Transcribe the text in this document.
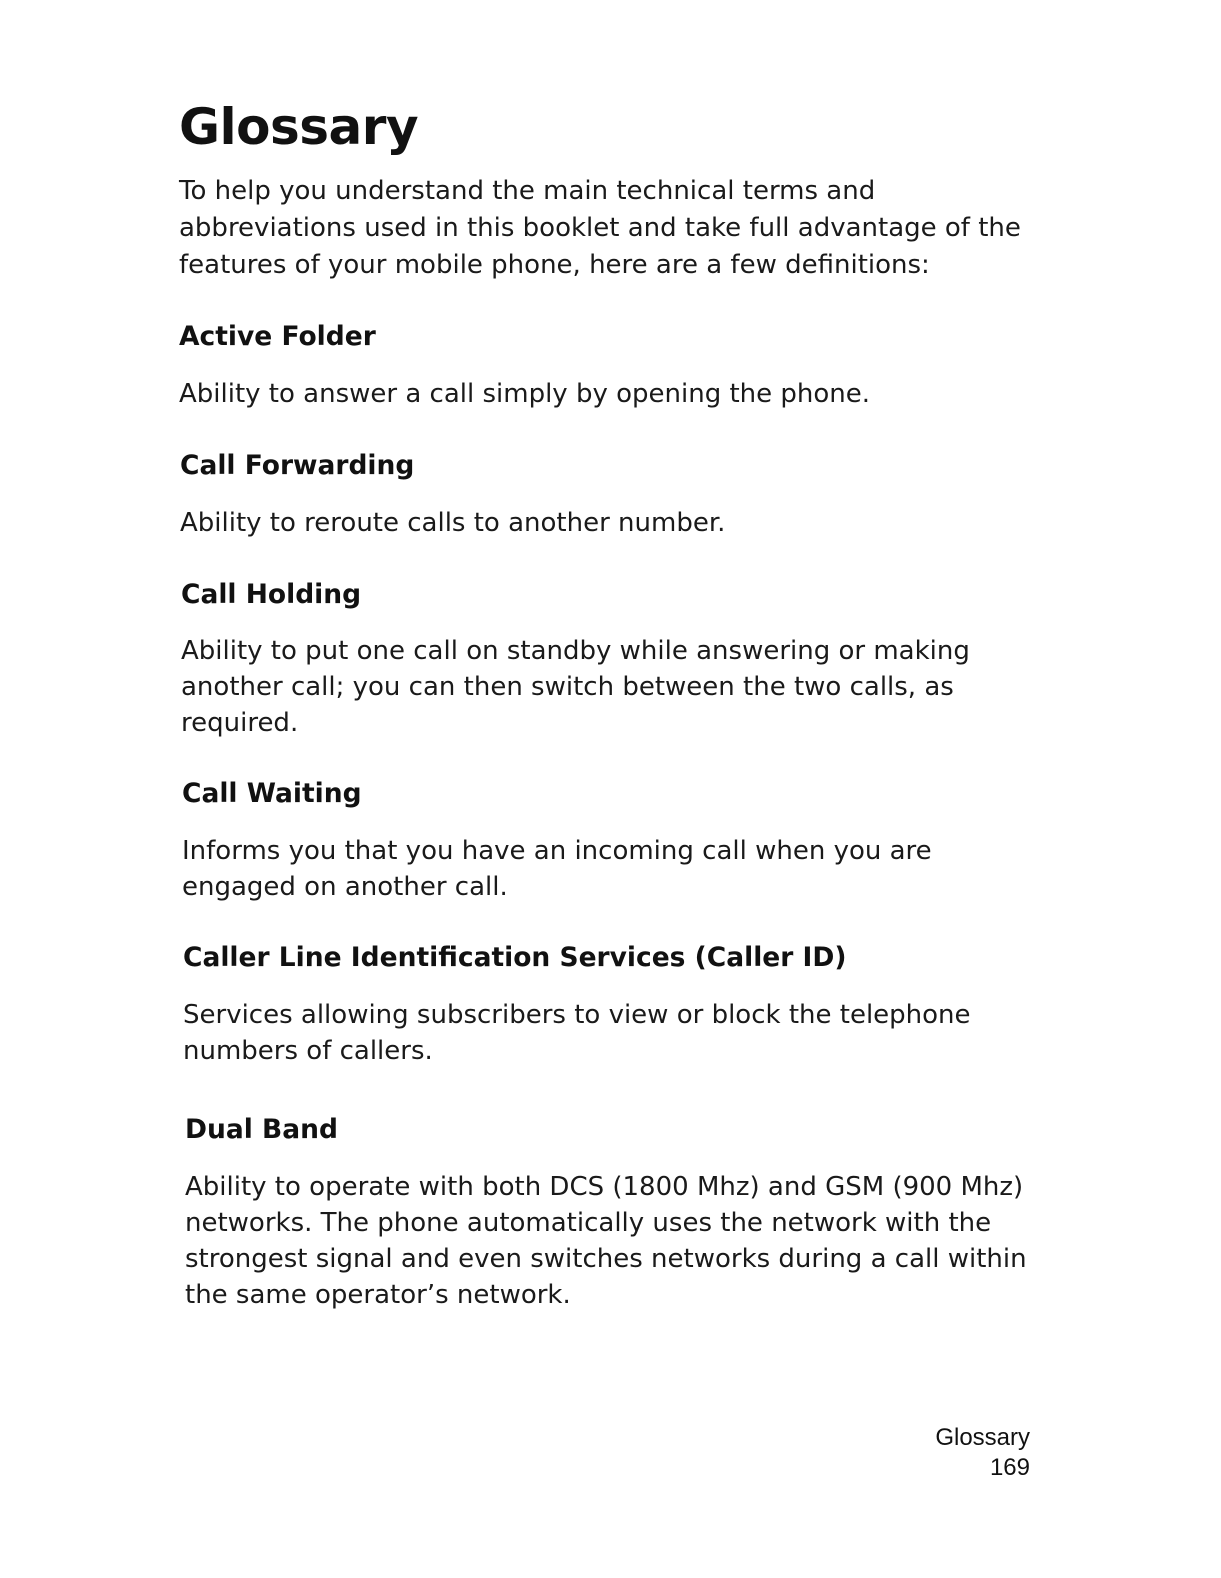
Glossary

To help you understand the main technical terms and abbreviations used in this booklet and take full advantage of the features of your mobile phone, here are a few definitions:

Active Folder

Ability to answer a call simply by opening the phone.

Call Forwarding

Ability to reroute calls to another number.

Call Holding

Ability to put one call on standby while answering or making another call; you can then switch between the two calls, as required.

Call Waiting

Informs you that you have an incoming call when you are engaged on another call.

Caller Line Identification Services (Caller ID)

Services allowing subscribers to view or block the telephone numbers of callers.

Dual Band

Ability to operate with both DCS (1800 Mhz) and GSM (900 Mhz) networks. The phone automatically uses the network with the strongest signal and even switches networks during a call within the same operator’s network.

Glossary
169
